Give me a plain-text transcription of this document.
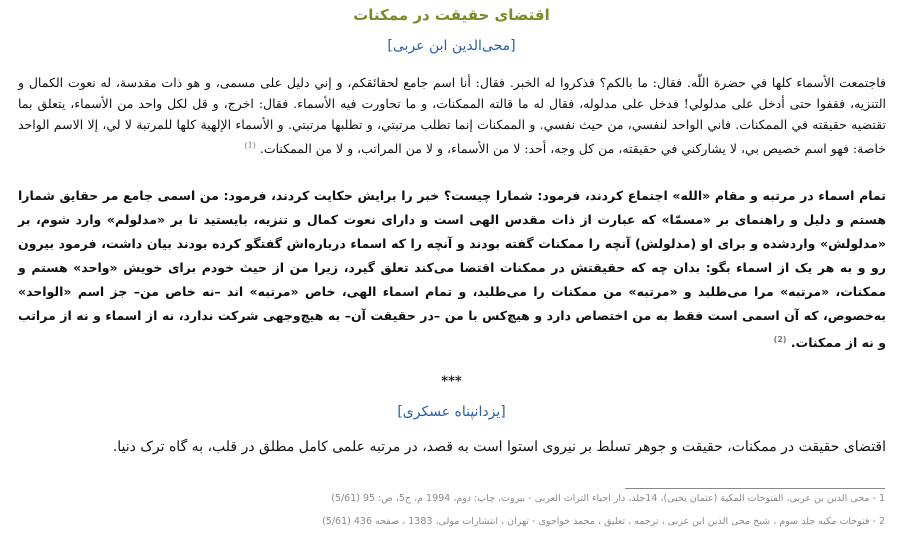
اقتضای حقیقت در ممکنات
[محی‌الدین ابن عربی]
فاجتمعت الأسماء كلها في حضرة اللّه. فقال: ما بالكم؟ فذكروا له الخبر. فقال: أنا اسم جامع لحقائقكم، و إني دليل على مسمى، و هو ذات مقدسة، له نعوت الكمال و التنزيه، فقفوا حتى أدخل على مدلولي! فدخل على مدلوله، فقال له ما قالته الممكنات، و ما تحاورت فيه الأسماء. فقال: اخرج، و قل لكل واحد من الأسماء، يتعلق بما تقتضيه حقيقته في الممكنات. فاني الواحد لنفسي، من حيث نفسي. و الممكنات إنما تطلب مرتبتي، و تطلبها مرتبتي. و الأسماء الإلهية كلها للمرتبة لا لي، إلا الاسم الواحد خاصة: فهو اسم خصيص بي، لا يشاركني في حقيقته، من كل وجه، أحد: لا من الأسماء، و لا من المراتب، و لا من الممكنات. $^{(1)}$
تمام اسماء در مرتبه و مقام «الله» اجتماع كردند، فرمود: شمارا چيست؟ خبر را برايش حكايت كردند، فرمود: من اسمی جامع مر حقايق شمارا هستم و دليل و راهنمای بر «مسمّا» كه عبارت از ذات مقدس الهی است و دارای نعوت كمال و تنزيه، بايستيد تا بر «مدلولم» وارد شوم، بر «مدلولش» واردشده و برای او (مدلولش) آنچه را ممكنات گفته بودند و آنچه را كه اسماء درباره‌اش گفتگو كرده بودند بيان داشت، فرمود بيرون رو و به هر يک از اسماء بگو: بدان چه كه حقيقتش در ممكنات اقتضا می‌كند تعلق گيرد، زيرا من از حيث خودم برای خويش «واحد» هستم و ممكنات، «مرتبه» مرا می‌طلبد و «مرتبه» من ممكنات را می‌طلبد، و تمام اسماء الهی، خاص «مرتبه» اند –نه خاص من– جز اسم «الواحد» به‌خصوص، كه آن اسمی است فقط به من اختصاص دارد و هيچ‌كس با من –در حقيقت آن– به هيچ‌وجهی شركت ندارد، نه از اسماء و نه از مراتب و نه از ممكنات. $^{(2)}$
***
[يزدانپناه عسكری]
اقتضای حقيقت در ممكنات، حقيقت و جوهر تسلط بر نيروی استوا است به قصد، در مرتبه علمی كامل مطلق در قلب، به گاه ترک دنيا.
1 - محی الدين بن عربی، الفتوحات المكية (عثمان يحيی)، 14جلد، دار احياء التراث العربی - بيروت، چاپ: دوم، 1994 م، ج5، ص: 95 (5/61)
2 - فتوحات مكيه جلد سوم ، شيخ محی الدين ابن عربی ، ترجمه ، تعليق ، محمد خواجوی - تهران ، انتشارات مولی، 1383 ، صفحه 436 (5/61)
